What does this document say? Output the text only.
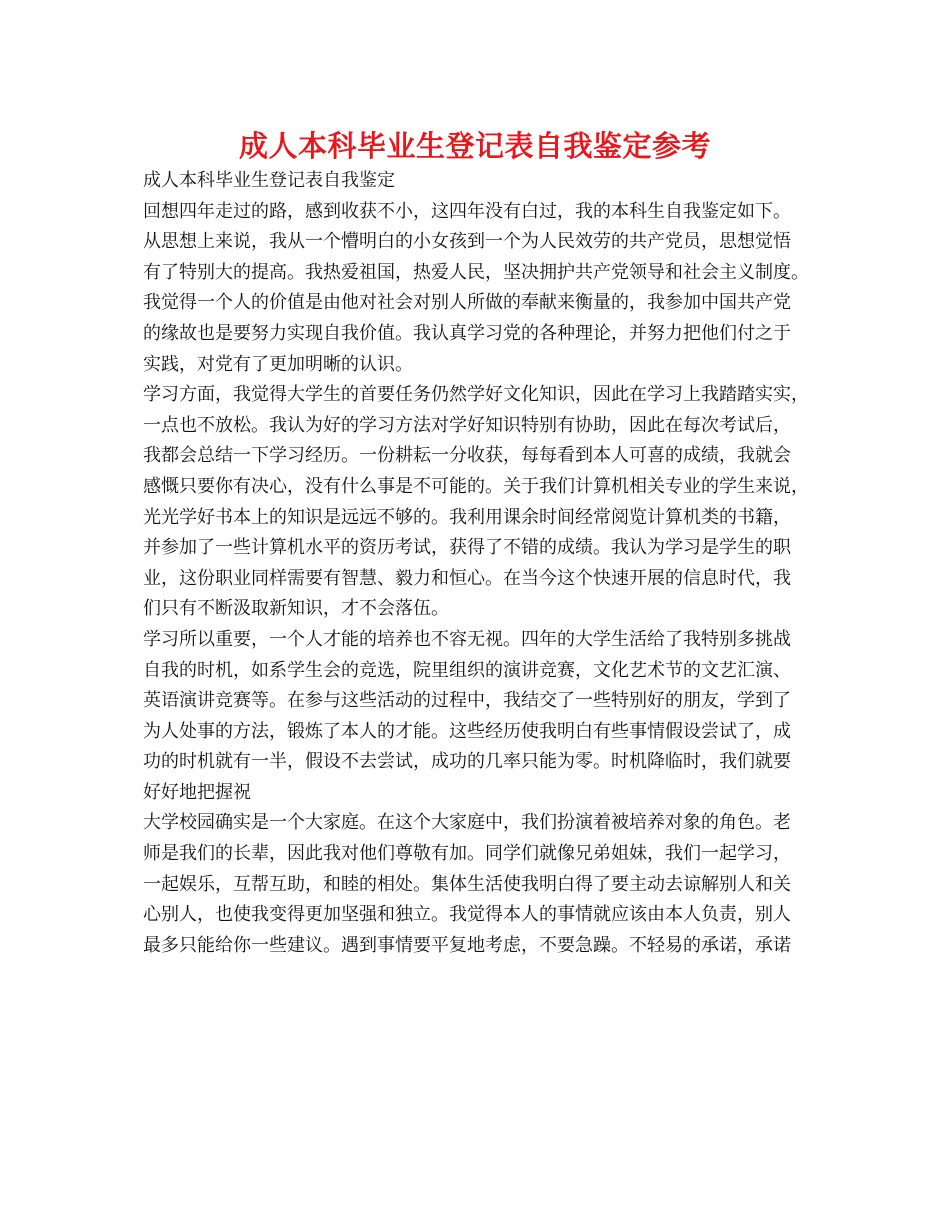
成人本科毕业生登记表自我鉴定参考
成人本科毕业生登记表自我鉴定
回想四年走过的路，感到收获不小，这四年没有白过，我的本科生自我鉴定如下。
从思想上来说，我从一个懵明白的小女孩到一个为人民效劳的共产党员，思想觉悟
有了特别大的提高。我热爱祖国，热爱人民，坚决拥护共产党领导和社会主义制度。
我觉得一个人的价值是由他对社会对别人所做的奉献来衡量的，我参加中国共产党
的缘故也是要努力实现自我价值。我认真学习党的各种理论，并努力把他们付之于
实践，对党有了更加明晰的认识。
学习方面，我觉得大学生的首要任务仍然学好文化知识，因此在学习上我踏踏实实，
一点也不放松。我认为好的学习方法对学好知识特别有协助，因此在每次考试后，
我都会总结一下学习经历。一份耕耘一分收获，每每看到本人可喜的成绩，我就会
感慨只要你有决心，没有什么事是不可能的。关于我们计算机相关专业的学生来说，
光光学好书本上的知识是远远不够的。我利用课余时间经常阅览计算机类的书籍，
并参加了一些计算机水平的资历考试，获得了不错的成绩。我认为学习是学生的职
业，这份职业同样需要有智慧、毅力和恒心。在当今这个快速开展的信息时代，我
们只有不断汲取新知识，才不会落伍。
学习所以重要，一个人才能的培养也不容无视。四年的大学生活给了我特别多挑战
自我的时机，如系学生会的竞选，院里组织的演讲竞赛，文化艺术节的文艺汇演、
英语演讲竞赛等。在参与这些活动的过程中，我结交了一些特别好的朋友，学到了
为人处事的方法，锻炼了本人的才能。这些经历使我明白有些事情假设尝试了，成
功的时机就有一半，假设不去尝试，成功的几率只能为零。时机降临时，我们就要
好好地把握祝
大学校园确实是一个大家庭。在这个大家庭中，我们扮演着被培养对象的角色。老
师是我们的长辈，因此我对他们尊敬有加。同学们就像兄弟姐妹，我们一起学习，
一起娱乐，互帮互助，和睦的相处。集体生活使我明白得了要主动去谅解别人和关
心别人，也使我变得更加坚强和独立。我觉得本人的事情就应该由本人负责，别人
最多只能给你一些建议。遇到事情要平复地考虑，不要急躁。不轻易的承诺，承诺
